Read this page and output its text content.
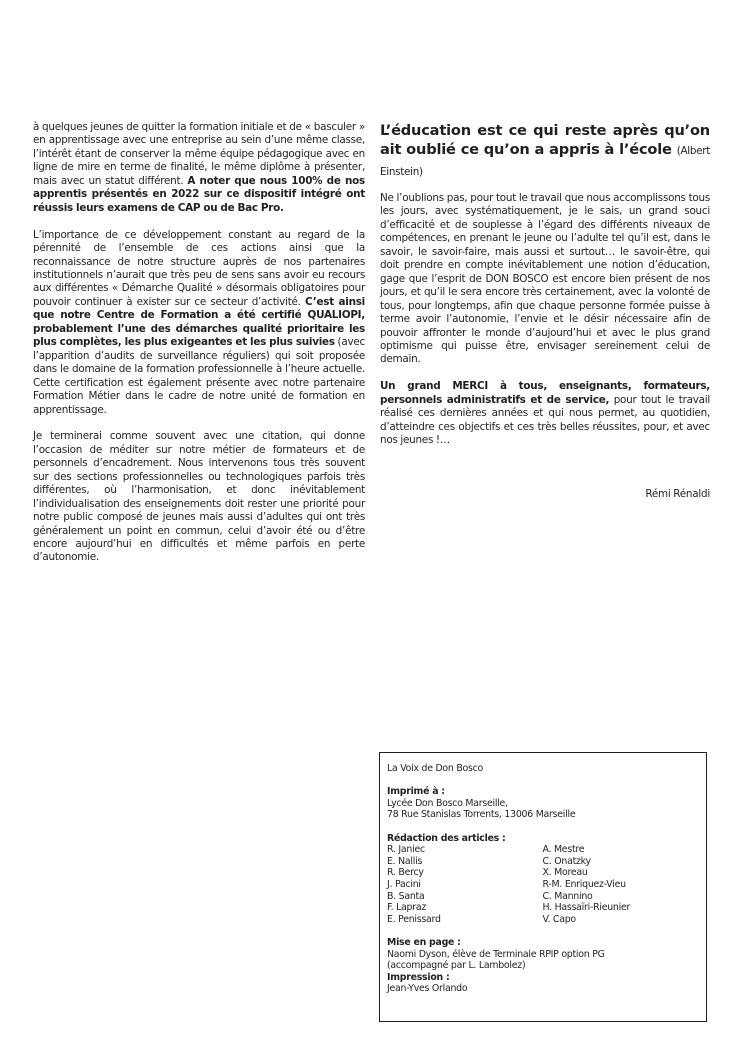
à quelques jeunes de quitter la formation initiale et de « basculer » en apprentissage avec une entreprise au sein d’une même classe, l’intérêt étant de conserver la même équipe pédagogique avec en ligne de mire en terme de finalité, le même diplôme à présenter, mais avec un statut différent. A noter que nous 100% de nos apprentis présentés en 2022 sur ce dispositif intégré ont réussis leurs examens de CAP ou de Bac Pro.

L’importance de ce développement constant au regard de la pérennité de l’ensemble de ces actions ainsi que la reconnaissance de notre structure auprès de nos partenaires institutionnels n’aurait que très peu de sens sans avoir eu recours aux différentes « Démarche Qualité » désormais obligatoires pour pouvoir continuer à exister sur ce secteur d’activité. C’est ainsi que notre Centre de Formation a été certifié QUALIOPI, probablement l’une des démarches qualité prioritaire les plus complètes, les plus exigeantes et les plus suivies (avec l’apparition d’audits de surveillance réguliers) qui soit proposée dans le domaine de la formation professionnelle à l’heure actuelle. Cette certification est également présente avec notre partenaire Formation Métier dans le cadre de notre unité de formation en apprentissage.

Je terminerai comme souvent avec une citation, qui donne l’occasion de méditer sur notre métier de formateurs et de personnels d’encadrement. Nous intervenons tous très souvent sur des sections professionnelles ou technologiques parfois très différentes, où l’harmonisation, et donc inévitablement l’individualisation des enseignements doit rester une priorité pour notre public composé de jeunes mais aussi d’adultes qui ont très généralement un point en commun, celui d’avoir été ou d’être encore aujourd’hui en difficultés et même parfois en perte d’autonomie.

L’éducation est ce qui reste après qu’on ait oublié ce qu’on a appris à l’école (Albert Einstein)

Ne l’oublions pas, pour tout le travail que nous accomplissons tous les jours, avec systématiquement, je le sais, un grand souci d’efficacité et de souplesse à l’égard des différents niveaux de compétences, en prenant le jeune ou l’adulte tel qu’il est, dans le savoir, le savoir-faire, mais aussi et surtout… le savoir-être, qui doit prendre en compte inévitablement une notion d’éducation, gage que l’esprit de DON BOSCO est encore bien présent de nos jours, et qu’il le sera encore très certainement, avec la volonté de tous, pour longtemps, afin que chaque personne formée puisse à terme avoir l’autonomie, l’envie et le désir nécessaire afin de pouvoir affronter le monde d’aujourd’hui et avec le plus grand optimisme qui puisse être, envisager sereinement celui de demain.

Un grand MERCI à tous, enseignants, formateurs, personnels administratifs et de service, pour tout le travail réalisé ces dernières années et qui nous permet, au quotidien, d’atteindre ces objectifs et ces très belles réussites, pour, et avec nos jeunes !…

Rémi Rénaldi
La Voix de Don Bosco
Imprimé à :
Lycée Don Bosco Marseille,
78 Rue Stanislas Torrents, 13006 Marseille
Rédaction des articles :
R. Janiec
E. Nallis
R. Bercy
J. Pacini
B. Santa
F. Lapraz
E. Penissard
A. Mestre
C. Onatzky
X. Moreau
R-M. Enriquez-Vieu
C. Mannino
H. Hassaïri-Rieunier
V. Capo
Mise en page :
Naomi Dyson, élève de Terminale RPIP option PG
(accompagné par L. Lambolez)
Impression :
Jean-Yves Orlando
